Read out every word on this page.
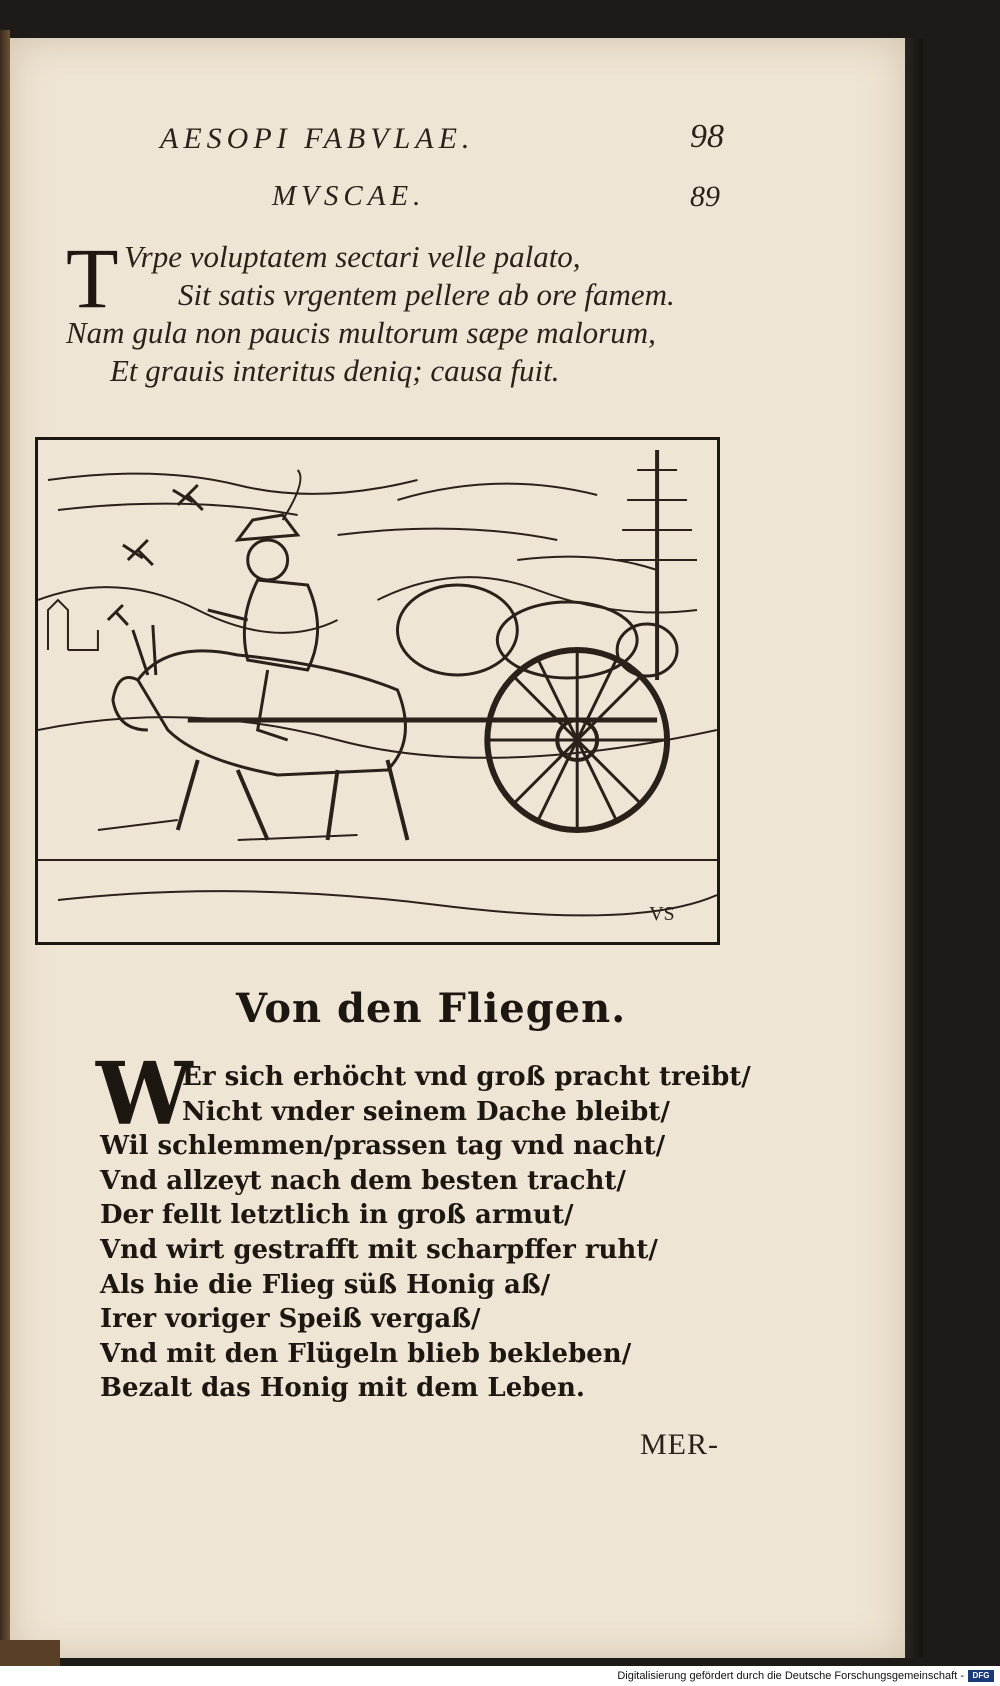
AESOPI FABVLAE.	98
MVSCAE.	89
T Vrpe voluptatem sectari velle palato,
Sit satis vrgentem pellere ab ore famem.
Nam gula non paucis multorum sæpe malorum,
Et grauis interitus deniq; causa fuit.
VS
Von den Fliegen.
W
Er sich erhöcht vnd groß pracht treibt/
Nicht vnder seinem Dache bleibt/
Wil schlemmen/prassen tag vnd nacht/
Vnd allzeyt nach dem besten tracht/
Der fellt letztlich in groß armut/
Vnd wirt gestrafft mit scharpffer ruht/
Als hie die Flieg süß Honig aß/
Irer voriger Speiß vergaß/
Vnd mit den Flügeln blieb bekleben/
Bezalt das Honig mit dem Leben.
MER-
Digitalisierung gefördert durch die Deutsche Forschungsgemeinschaft -	DFG
